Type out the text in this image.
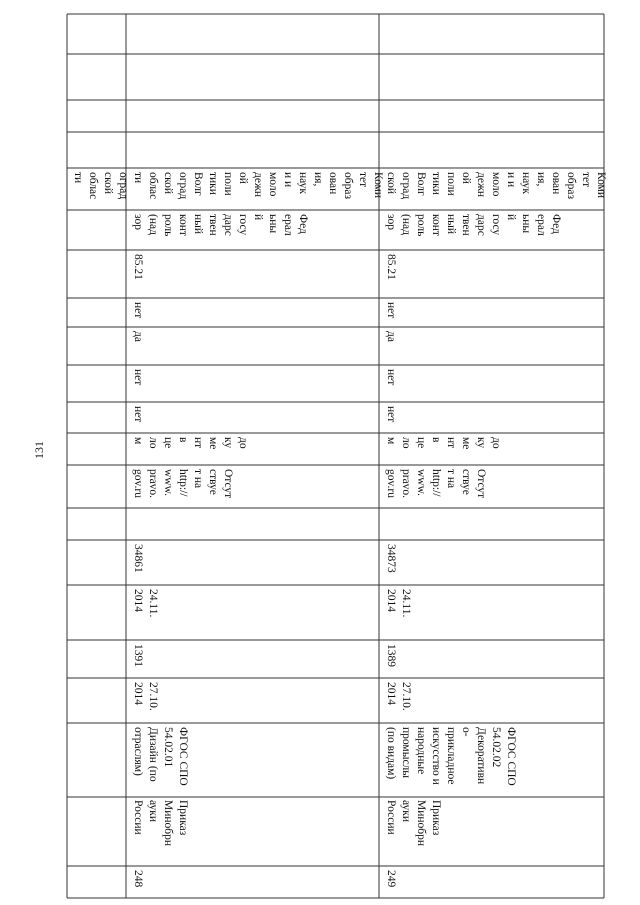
131
оград
ской
облас
ти
248
Приказ
Минобрн
ауки
России
ФГОС СПО
54.02.01
Дизайн (по
отраслям)
27.10.
2014
1391
24.11.
2014
34861
Отсут
ствуе
т на
http://
www.
pravo.
gov.ru
до
ку
ме
нт
в
це
ло
м
нет
нет
да
нет
85.21
Фед
ерал
ьны
й
госу
дарс
твен
ный
конт
роль
(над
зор
Коми
тет
образ
ован
ия,
наук
и и
моло
дежн
ой
поли
тики
Волг
оград
ской
облас
ти
249
Приказ
Минобрн
ауки
России
ФГОС СПО
54.02.02
Декоративн
о-
прикладное
искусство и
народные
промыслы
(по видам)
27.10.
2014
1389
24.11.
2014
34873
Отсут
ствуе
т на
http://
www.
pravo.
gov.ru
до
ку
ме
нт
в
це
ло
м
нет
нет
да
нет
85.21
Фед
ерал
ьны
й
госу
дарс
твен
ный
конт
роль
(над
зор
Коми
тет
образ
ован
ия,
наук
и и
моло
дежн
ой
поли
тики
Волг
оград
ской
